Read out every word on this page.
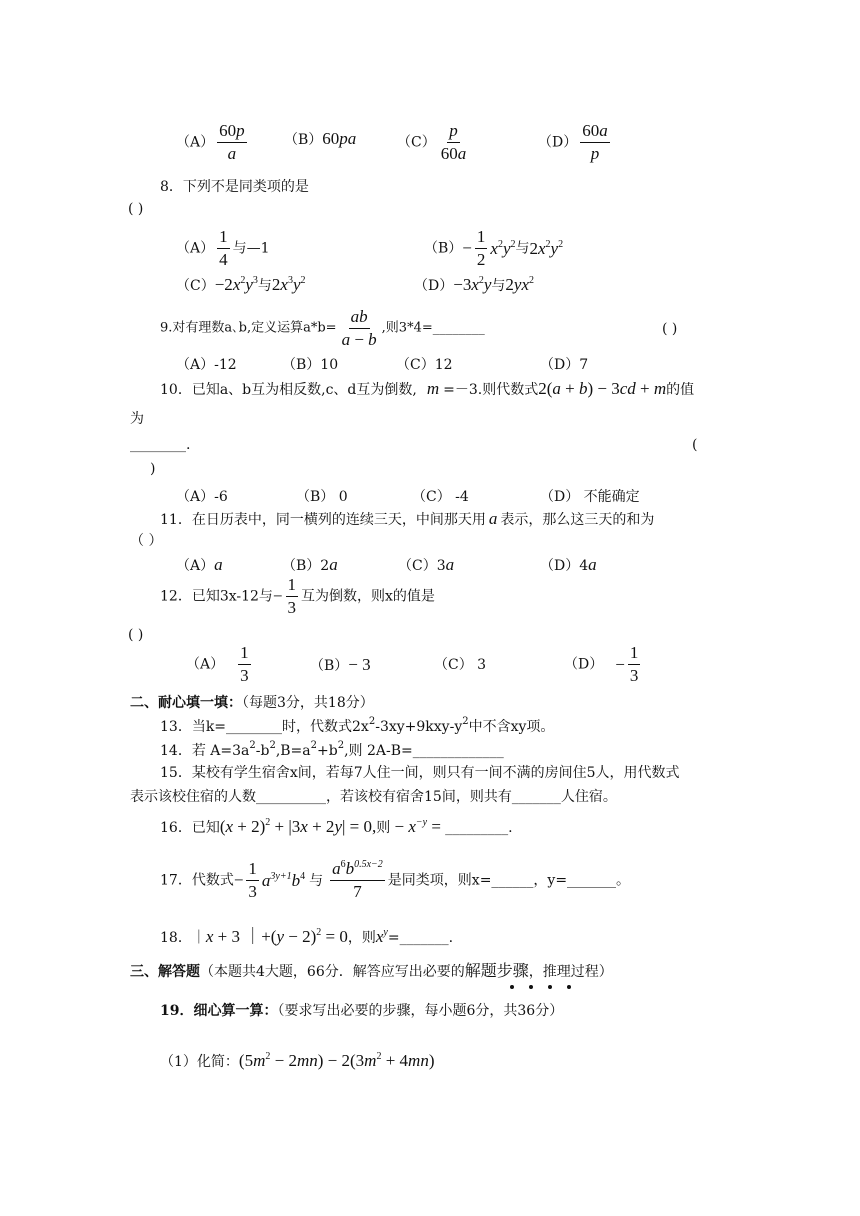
$(A) \frac{60p}{a}$	（B）60pa	$(C) \frac{p}{60a}$	$(D) \frac{60a}{p}$
8．下列不是同类项的是
( )
$(A) \frac{1}{4}$ 与—1	$(B)- \frac{1}{2} x^2y^2$与$2x^2y^2$
$(C)-2x^2y^3$与$2x^3y^2$	$(D)-3x^2y$与$2yx^2$
9.对有理数a､b,定义运算$a*b= \frac{ab}{a - b}$ ,则3*4=________	( )
（A）-12	（B）10	（C）12	（D）7
10．已知a、b互为相反数,c、d互为倒数, m =－3.则代数式2(a + b) − 3cd + m的值
为
________.	(
)
（A）-6	（B） 0	（C） -4	（D） 不能确定
11．在日历表中，同一横列的连续三天，中间那天用 a 表示，那么这三天的和为
（ ）
（A）a	（B）2a	（C）3a	（D）4a
12．已知3x-12与− $\frac{1}{3}$ 互为倒数，则x的值是
( )
$(A) \frac{1}{3}$	（B）− 3	（C） 3	$(D) - \frac{1}{3}$
二、耐心填一填：（每题3分，共18分）
13．当k=________时，代数式$2x^2-3xy+9kxy-y^2$中不含xy项。
14．若 $A=3a^2-b^2,B=a^2+b^2$,则 2A-B=_____________
15．某校有学生宿舍x间，若每7人住一间，则只有一间不满的房间住5人，用代数式
表示该校住宿的人数__________，若该校有宿舍15间，则共有_______人住宿。
16．已知$(x + 2)^2 + |3x + 2y| = 0$,则 − $x^{-y}$ = _________.
17．代数式− $\frac{1}{3} a^{3y+1}b^4$ 与 $\frac{a^6b^{0.5x-2}}{7}$ 是同类项，则x=______，y=_______。
18．｜x + 3 ｜+(y − 2)$^2$ = 0，则$x^y=\_\_\_\_\_\_\_$.
三、解答题（本题共4大题，66分．解答应写出必要的解题步骤，推理过程）
19．细心算一算：（要求写出必要的步骤，每小题6分，共36分）
（1）化简：$(5m^2 - 2mn) - 2(3m^2 + 4mn)$
